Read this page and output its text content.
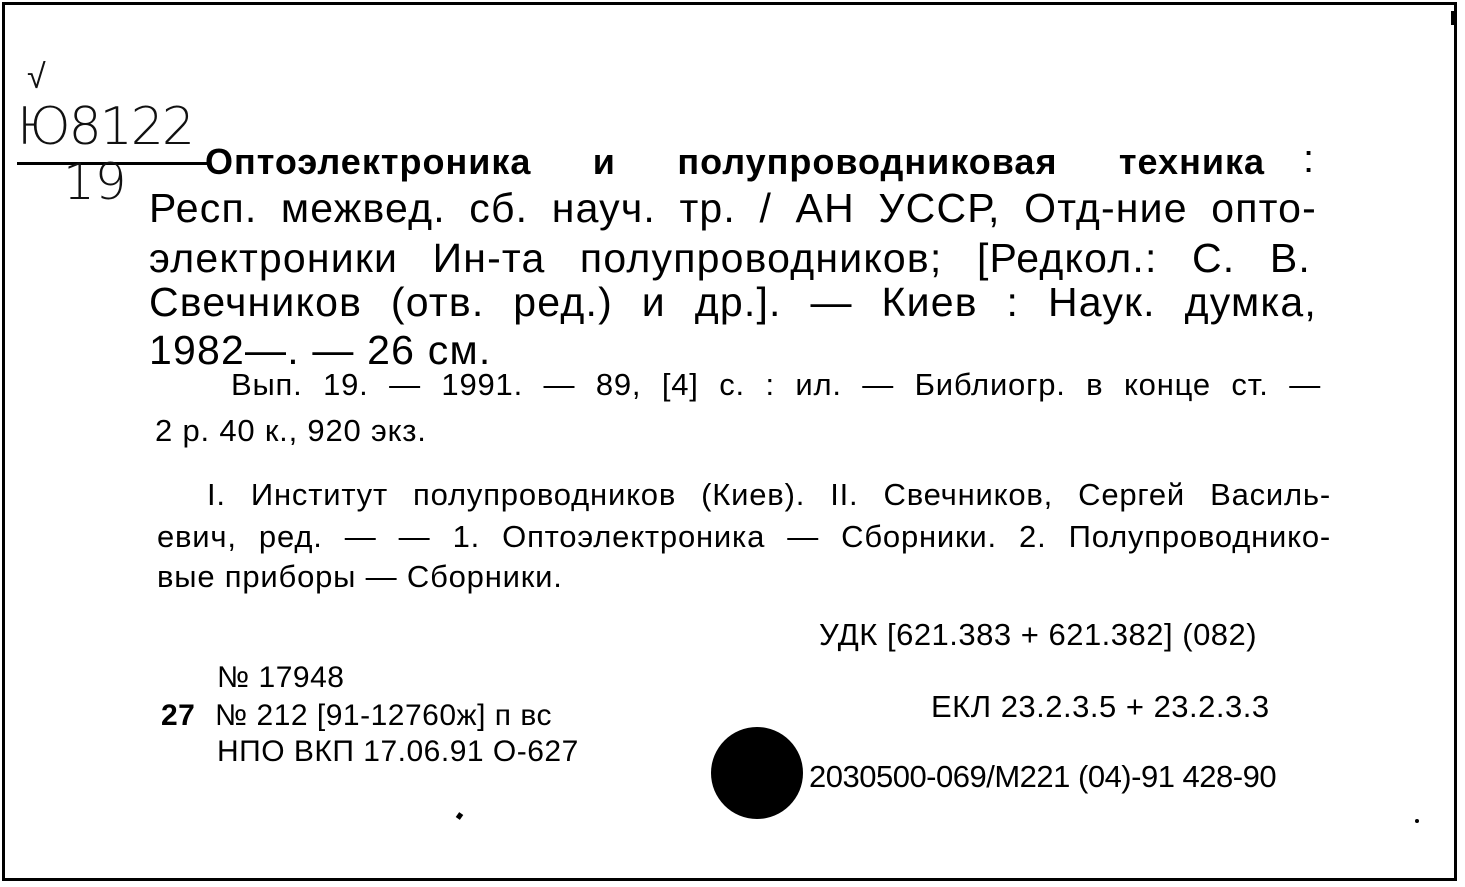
√
Ю8122
19 Оптоэлектроника и полупроводниковая техника :
Респ. межвед. сб. науч. тр. / АН УССР, Отд-ние опто-
электроники Ин-та полупроводников; [Редкол.: С. В.
Свечников (отв. ред.) и др.]. — Киев : Наук. думка,
1982—. — 26 см.
Вып. 19. — 1991. — 89, [4] с. : ил. — Библиогр. в конце ст. —
2 р. 40 к., 920 экз.
I. Институт полупроводников (Киев). II. Свечников, Сергей Василь-
евич, ред. — — 1. Оптоэлектроника — Сборники. 2. Полупроводнико-
вые приборы — Сборники.
УДК [621.383 + 621.382] (082)
ЕКЛ 23.2.3.5 + 23.2.3.3
2030500-069/М221 (04)-91 428-90
№ 17948
27 № 212 [91-12760ж] п вс
НПО ВКП 17.06.91 О-627
